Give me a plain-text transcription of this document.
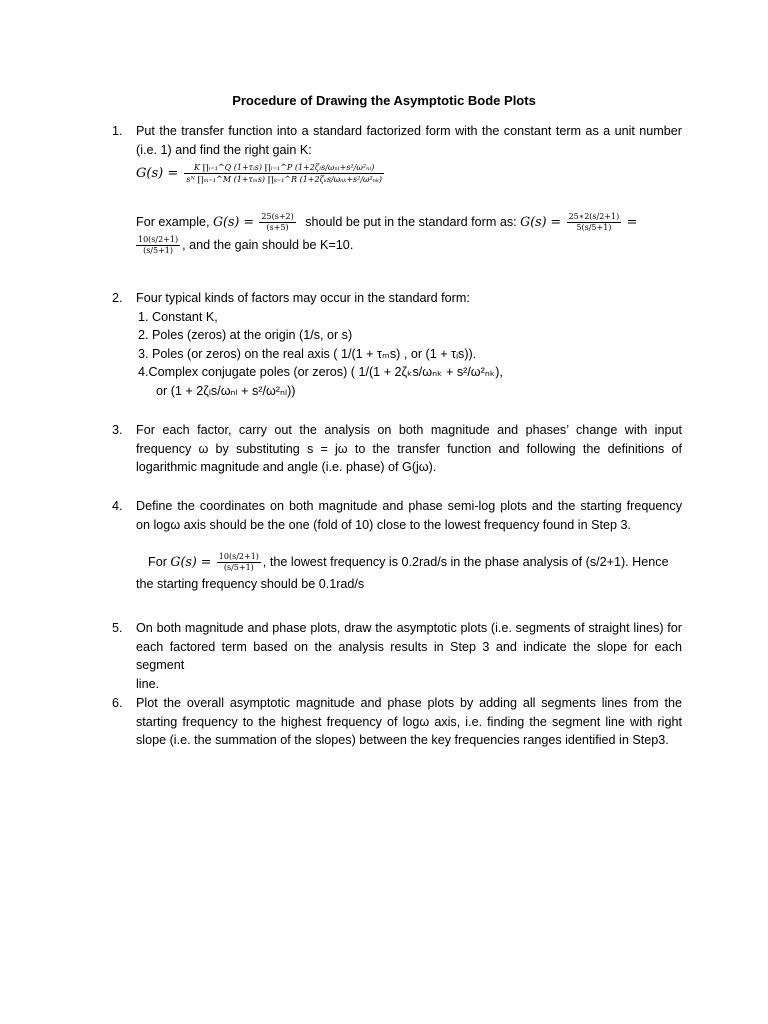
Procedure of Drawing the Asymptotic Bode Plots
1.	Put the transfer function into a standard factorized form with the constant term as a unit number
(i.e. 1) and find the right gain K:
$G(s) = \frac{\text{K ∏ᵢ₌₁\textasciicircum{}Q (1+τᵢs) ∏ₗ₌₁\textasciicircum{}P (1+2ζₗs/ωₙₗ+s²/ω²ₙₗ)}}{\text{sᴺ ∏ₘ₌₁\textasciicircum{}M (1+τₘs) ∏ₖ₌₁\textasciicircum{}R (1+2ζₖs/ωₙₖ+s²/ω²ₙₖ)}}$
For example, $G(s) = \frac{25(s+2)}{(s+5)}$ should be put in the standard form as: $G(s) = \frac{25∗2(s/2+1)}{5(s/5+1)}$ =
$\frac{10(s/2+1)}{(s/5+1)}$ , and the gain should be K=10.
2.	Four typical kinds of factors may occur in the standard form:
1. Constant K,
2. Poles (zeros) at the origin (1/s, or s)
3. Poles (or zeros) on the real axis ( 1/(1 + τₘs) , or (1 + τᵢs)).
4.Complex conjugate poles (or zeros) ( 1/(1 + 2ζₖs/ωₙₖ + s²/ω²ₙₖ),
or (1 + 2ζₗs/ωₙₗ + s²/ω²ₙₗ))
3.	For each factor, carry out the analysis on both magnitude and phases’ change with input
frequency ω by substituting s = jω to the transfer function and following the definitions of
logarithmic magnitude and angle (i.e. phase) of G(jω).
4.	Define the coordinates on both magnitude and phase semi-log plots and the starting frequency
on logω axis should be the one (fold of 10) close to the lowest frequency found in Step 3.
For $G(s) = \frac{10(s/2+1)}{(s/5+1)}$ , the lowest frequency is 0.2rad/s in the phase analysis of (s/2+1). Hence
the starting frequency should be 0.1rad/s
5.	On both magnitude and phase plots, draw the asymptotic plots (i.e. segments of straight lines) for
each factored term based on the analysis results in Step 3 and indicate the slope for each segment
line.
6.	Plot the overall asymptotic magnitude and phase plots by adding all segments lines from the
starting frequency to the highest frequency of logω axis, i.e. finding the segment line with right
slope (i.e. the summation of the slopes) between the key frequencies ranges identified in Step3.
